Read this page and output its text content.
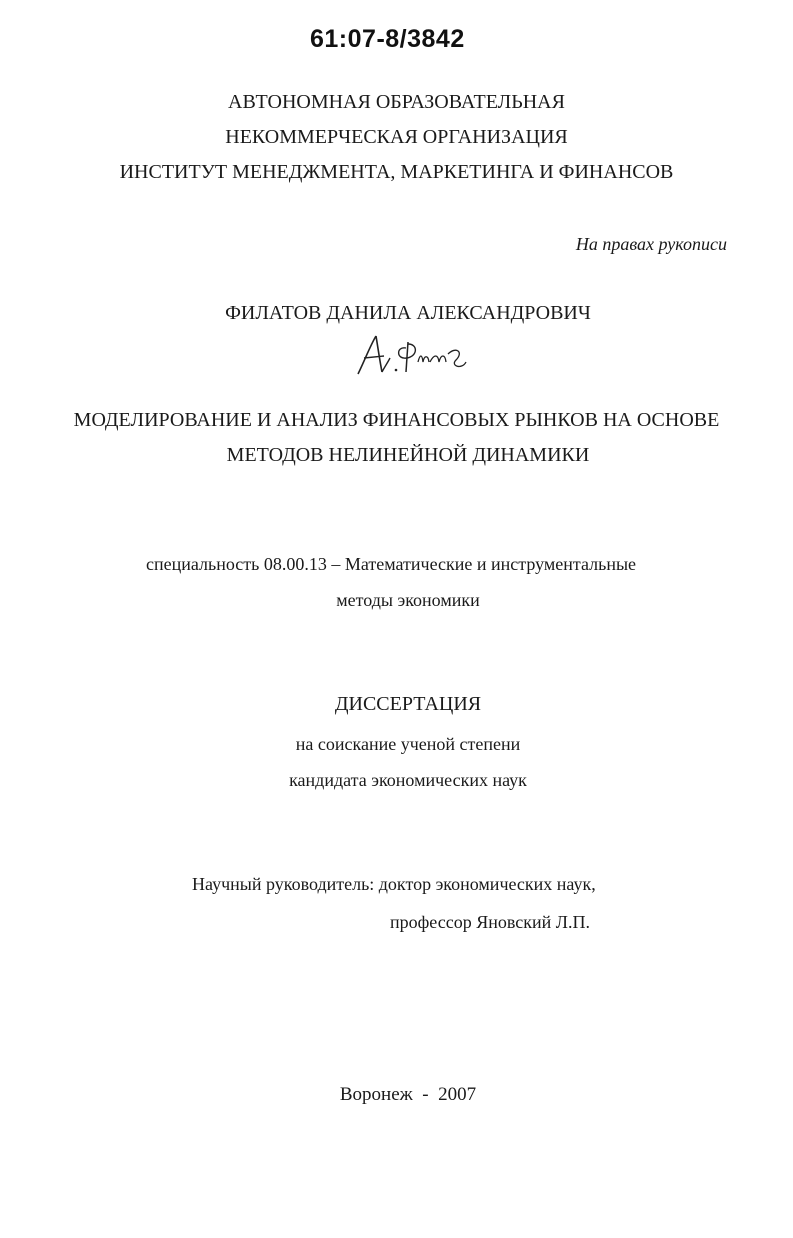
61:07-8/3842
АВТОНОМНАЯ ОБРАЗОВАТЕЛЬНАЯ
НЕКОММЕРЧЕСКАЯ ОРГАНИЗАЦИЯ
ИНСТИТУТ МЕНЕДЖМЕНТА, МАРКЕТИНГА И ФИНАНСОВ
На правах рукописи
ФИЛАТОВ ДАНИЛА АЛЕКСАНДРОВИЧ
МОДЕЛИРОВАНИЕ И АНАЛИЗ ФИНАНСОВЫХ РЫНКОВ НА ОСНОВЕ
МЕТОДОВ НЕЛИНЕЙНОЙ ДИНАМИКИ
специальность 08.00.13 – Математические и инструментальные
методы экономики
ДИССЕРТАЦИЯ
на соискание ученой степени
кандидата экономических наук
Научный руководитель: доктор экономических наук,
профессор Яновский Л.П.
Воронеж  -  2007
